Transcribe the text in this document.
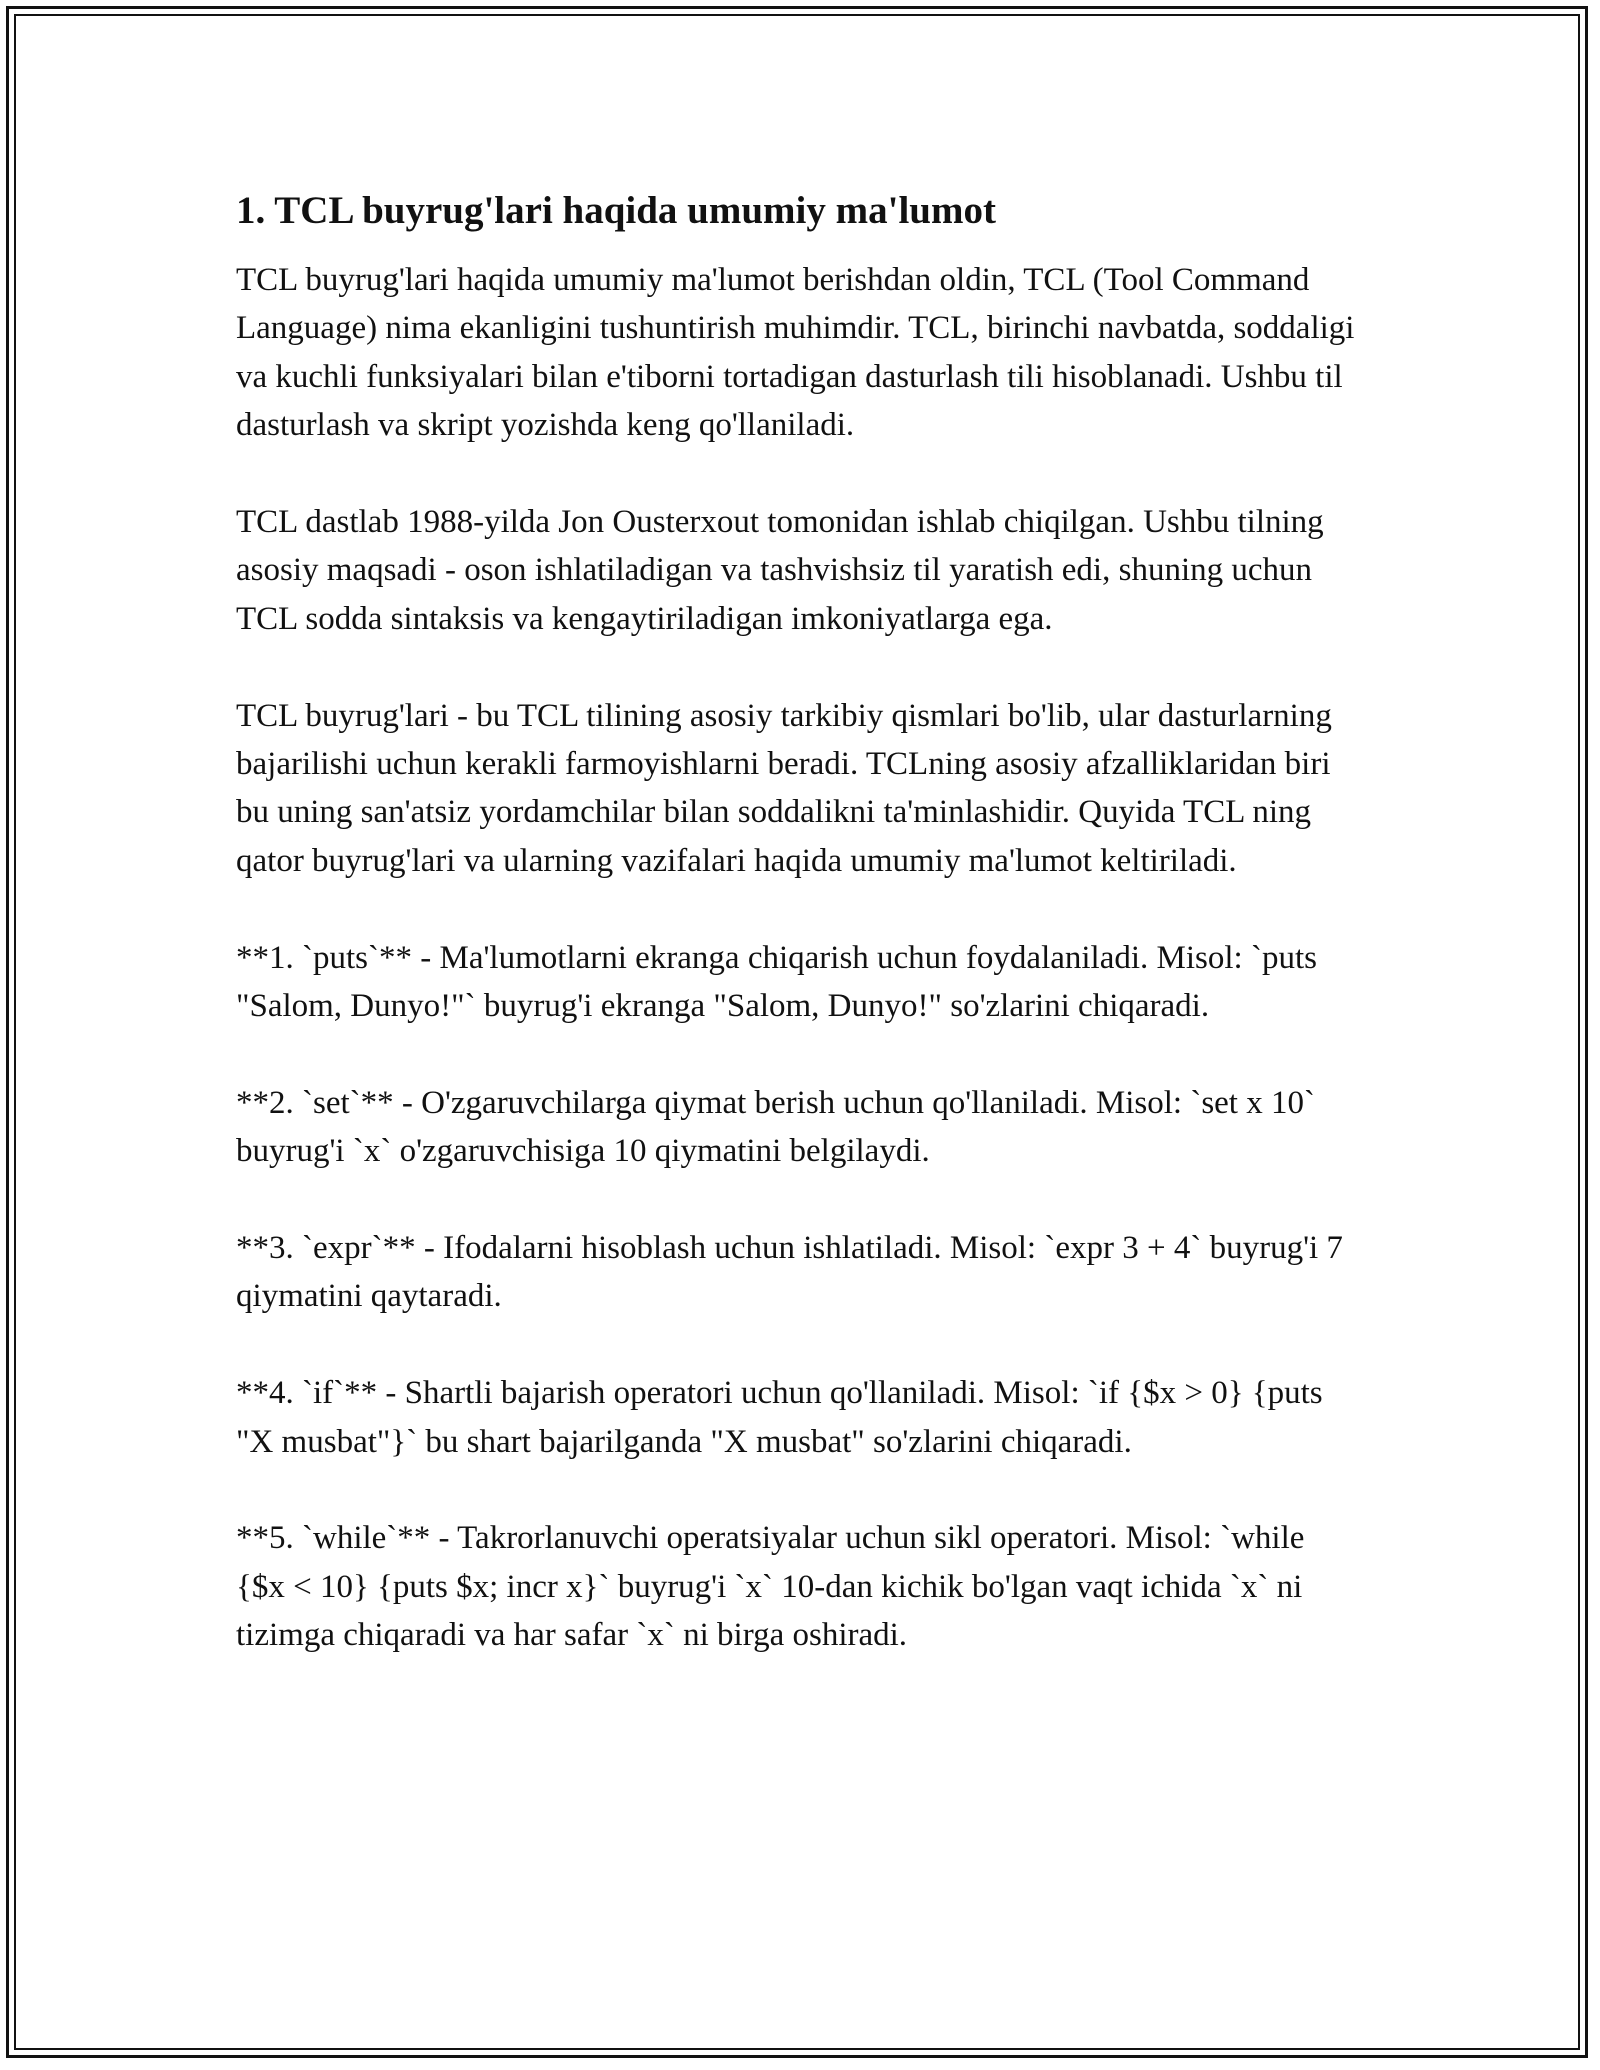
1. TCL buyrug'lari haqida umumiy ma'lumot

TCL buyrug'lari haqida umumiy ma'lumot berishdan oldin, TCL (Tool Command Language) nima ekanligini tushuntirish muhimdir. TCL, birinchi navbatda, soddaligi va kuchli funksiyalari bilan e'tiborni tortadigan dasturlash tili hisoblanadi. Ushbu til dasturlash va skript yozishda keng qo'llaniladi.

TCL dastlab 1988-yilda Jon Ousterxout tomonidan ishlab chiqilgan. Ushbu tilning asosiy maqsadi - oson ishlatiladigan va tashvishsiz til yaratish edi, shuning uchun TCL sodda sintaksis va kengaytiriladigan imkoniyatlarga ega.

TCL buyrug'lari - bu TCL tilining asosiy tarkibiy qismlari bo'lib, ular dasturlarning bajarilishi uchun kerakli farmoyishlarni beradi. TCLning asosiy afzalliklaridan biri bu uning san'atsiz yordamchilar bilan soddalikni ta'minlashidir. Quyida TCL ning qator buyrug'lari va ularning vazifalari haqida umumiy ma'lumot keltiriladi.

**1. `puts`** - Ma'lumotlarni ekranga chiqarish uchun foydalaniladi. Misol: `puts "Salom, Dunyo!"` buyrug'i ekranga "Salom, Dunyo!" so'zlarini chiqaradi.

**2. `set`** - O'zgaruvchilarga qiymat berish uchun qo'llaniladi. Misol: `set x 10` buyrug'i `x` o'zgaruvchisiga 10 qiymatini belgilaydi.

**3. `expr`** - Ifodalarni hisoblash uchun ishlatiladi. Misol: `expr 3 + 4` buyrug'i 7 qiymatini qaytaradi.

**4. `if`** - Shartli bajarish operatori uchun qo'llaniladi. Misol: `if {$x > 0} {puts "X musbat"}` bu shart bajarilganda "X musbat" so'zlarini chiqaradi.

**5. `while`** - Takrorlanuvchi operatsiyalar uchun sikl operatori. Misol: `while {$x < 10} {puts $x; incr x}` buyrug'i `x` 10-dan kichik bo'lgan vaqt ichida `x` ni tizimga chiqaradi va har safar `x` ni birga oshiradi.
